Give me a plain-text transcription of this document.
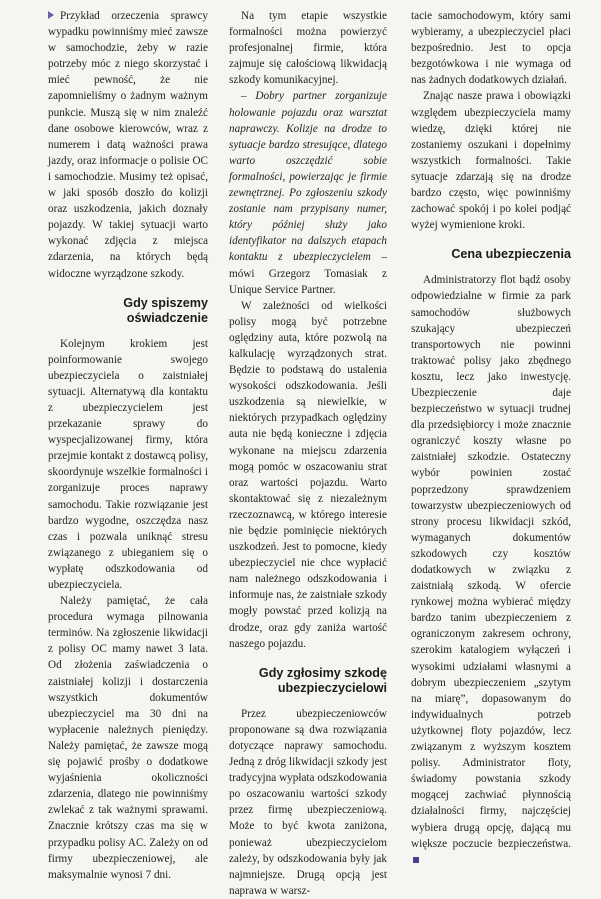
Przykład orzeczenia sprawcy wypadku powinniśmy mieć zawsze w samochodzie, żeby w razie potrzeby móc z niego skorzystać i mieć pewność, że nie zapomnieliśmy o żadnym ważnym punkcie. Muszą się w nim znaleźć dane osobowe kierowców, wraz z numerem i datą ważności prawa jazdy, oraz informacje o polisie OC i samochodzie. Musimy też opisać, w jaki sposób doszło do kolizji oraz uszkodzenia, jakich doznały pojazdy. W takiej sytuacji warto wykonać zdjęcia z miejsca zdarzenia, na których będą widoczne wyrządzone szkody.

Gdy spiszemy oświadczenie

Kolejnym krokiem jest poinformowanie swojego ubezpieczyciela o zaistniałej sytuacji. Alternatywą dla kontaktu z ubezpieczycielem jest przekazanie sprawy do wyspecjalizowanej firmy, która przejmie kontakt z dostawcą polisy, skoordynuje wszelkie formalności i zorganizuje proces naprawy samochodu. Takie rozwiązanie jest bardzo wygodne, oszczędza nasz czas i pozwala uniknąć stresu związanego z ubieganiem się o wypłatę odszkodowania od ubezpieczyciela.

Należy pamiętać, że cała procedura wymaga pilnowania terminów. Na zgłoszenie likwidacji z polisy OC mamy nawet 3 lata. Od złożenia zaświadczenia o zaistniałej kolizji i dostarczenia wszystkich dokumentów ubezpieczyciel ma 30 dni na wypłacenie należnych pieniędzy. Należy pamiętać, że zawsze mogą się pojawić prośby o dodatkowe wyjaśnienia okoliczności zdarzenia, dlatego nie powinniśmy zwlekać z tak ważnymi sprawami. Znacznie krótszy czas ma się w przypadku polisy AC. Zależy on od firmy ubezpieczeniowej, ale maksymalnie wynosi 7 dni.

Na tym etapie wszystkie formalności można powierzyć profesjonalnej firmie, która zajmuje się całościową likwidacją szkody komunikacyjnej.

– Dobry partner zorganizuje holowanie pojazdu oraz warsztat naprawczy. Kolizje na drodze to sytuacje bardzo stresujące, dlatego warto oszczędzić sobie formalności, powierzając je firmie zewnętrznej. Po zgłoszeniu szkody zostanie nam przypisany numer, który później służy jako identyfikator na dalszych etapach kontaktu z ubezpieczycielem – mówi Grzegorz Tomasiak z Unique Service Partner.

W zależności od wielkości polisy mogą być potrzebne oględziny auta, które pozwolą na kalkulację wyrządzonych strat. Będzie to podstawą do ustalenia wysokości odszkodowania. Jeśli uszkodzenia są niewielkie, w niektórych przypadkach oględziny auta nie będą konieczne i zdjęcia wykonane na miejscu zdarzenia mogą pomóc w oszacowaniu strat oraz wartości pojazdu. Warto skontaktować się z niezależnym rzeczoznawcą, w którego interesie nie będzie pominięcie niektórych uszkodzeń. Jest to pomocne, kiedy ubezpieczyciel nie chce wypłacić nam należnego odszkodowania i informuje nas, że zaistniałe szkody mogły powstać przed kolizją na drodze, oraz gdy zaniża wartość naszego pojazdu.

Gdy zgłosimy szkodę ubezpieczycielowi

Przez ubezpieczeniowców proponowane są dwa rozwiązania dotyczące naprawy samochodu. Jedną z dróg likwidacji szkody jest tradycyjna wypłata odszkodowania po oszacowaniu wartości szkody przez firmę ubezpieczeniową. Może to być kwota zaniżona, ponieważ ubezpieczycielom zależy, by odszkodowania były jak najmniejsze. Drugą opcją jest naprawa w warsz-

tacie samochodowym, który sami wybieramy, a ubezpieczyciel płaci bezpośrednio. Jest to opcja bezgotówkowa i nie wymaga od nas żadnych dodatkowych działań.

Znając nasze prawa i obowiązki względem ubezpieczyciela mamy wiedzę, dzięki której nie zostaniemy oszukani i dopełnimy wszystkich formalności. Takie sytuacje zdarzają się na drodze bardzo często, więc powinniśmy zachować spokój i po kolei podjąć wyżej wymienione kroki.

Cena ubezpieczenia

Administratorzy flot bądź osoby odpowiedzialne w firmie za park samochodów służbowych szukający ubezpieczeń transportowych nie powinni traktować polisy jako zbędnego kosztu, lecz jako inwestycję. Ubezpieczenie daje bezpieczeństwo w sytuacji trudnej dla przedsiębiorcy i może znacznie ograniczyć koszty własne po zaistniałej szkodzie. Ostateczny wybór powinien zostać poprzedzony sprawdzeniem towarzystw ubezpieczeniowych od strony procesu likwidacji szkód, wymaganych dokumentów szkodowych czy kosztów dodatkowych w związku z zaistniałą szkodą. W ofercie rynkowej można wybierać między bardzo tanim ubezpieczeniem z ograniczonym zakresem ochrony, szerokim katalogiem wyłączeń i wysokimi udziałami własnymi a dobrym ubezpieczeniem „szytym na miarę”, dopasowanym do indywidualnych potrzeb użytkownej floty pojazdów, lecz związanym z wyższym kosztem polisy. Administrator floty, świadomy powstania szkody mogącej zachwiać płynnością działalności firmy, najczęściej wybiera drugą opcję, dającą mu większe poczucie bezpieczeństwa.
